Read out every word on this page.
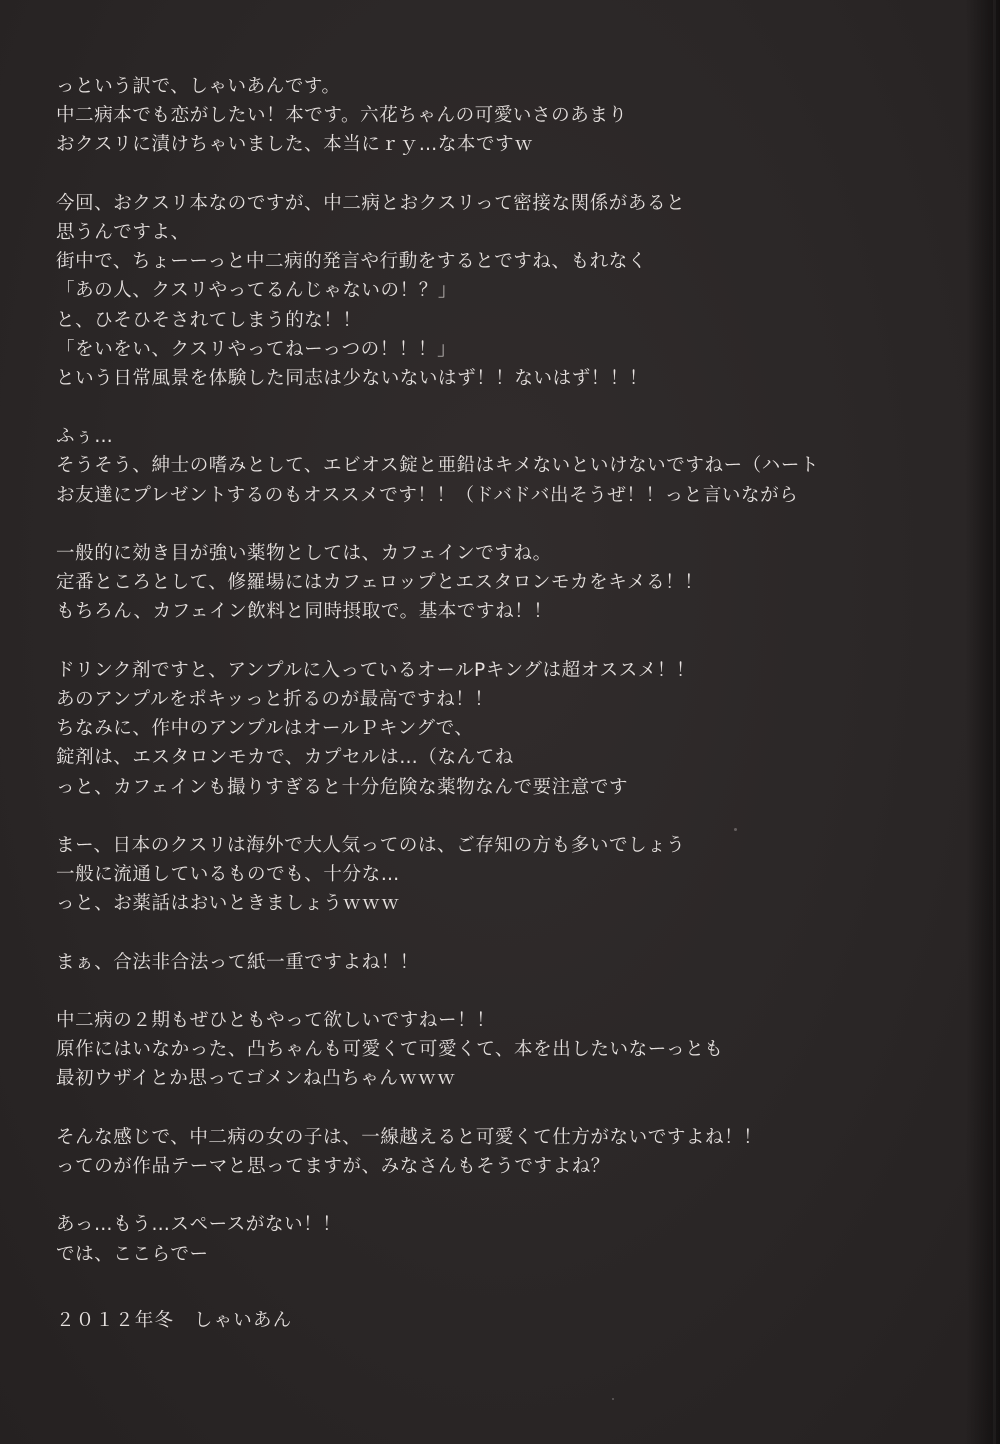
っという訳で、しゃいあんです。
中二病本でも恋がしたい！本です。六花ちゃんの可愛いさのあまり
おクスリに漬けちゃいました、本当にｒｙ…な本ですｗ
今回、おクスリ本なのですが、中二病とおクスリって密接な関係があると
思うんですよ、
街中で、ちょーーっと中二病的発言や行動をするとですね、もれなく
「あの人、クスリやってるんじゃないの！？」
と、ひそひそされてしまう的な！！
「をいをい、クスリやってねーっつの！！！」
という日常風景を体験した同志は少ないないはず！！ないはず！！！
ふぅ…
そうそう、紳士の嗜みとして、エビオス錠と亜鉛はキメないといけないですねー（ハート
お友達にプレゼントするのもオススメです！！（ドバドバ出そうぜ！！っと言いながら
一般的に効き目が強い薬物としては、カフェインですね。
定番ところとして、修羅場にはカフェロップとエスタロンモカをキメる！！
もちろん、カフェイン飲料と同時摂取で。基本ですね！！
ドリンク剤ですと、アンプルに入っているオールPキングは超オススメ！！
あのアンプルをポキッっと折るのが最高ですね！！
ちなみに、作中のアンプルはオールＰキングで、
錠剤は、エスタロンモカで、カプセルは…（なんてね
っと、カフェインも撮りすぎると十分危険な薬物なんで要注意です
まー、日本のクスリは海外で大人気ってのは、ご存知の方も多いでしょう
一般に流通しているものでも、十分な…
っと、お薬話はおいときましょうｗｗｗ
まぁ、合法非合法って紙一重ですよね！！
中二病の２期もぜひともやって欲しいですねー！！
原作にはいなかった、凸ちゃんも可愛くて可愛くて、本を出したいなーっとも
最初ウザイとか思ってゴメンね凸ちゃんｗｗｗ
そんな感じで、中二病の女の子は、一線越えると可愛くて仕方がないですよね！！
ってのが作品テーマと思ってますが、みなさんもそうですよね？
あっ…もう…スペースがない！！
では、ここらでー
２０１２年冬　しゃいあん
